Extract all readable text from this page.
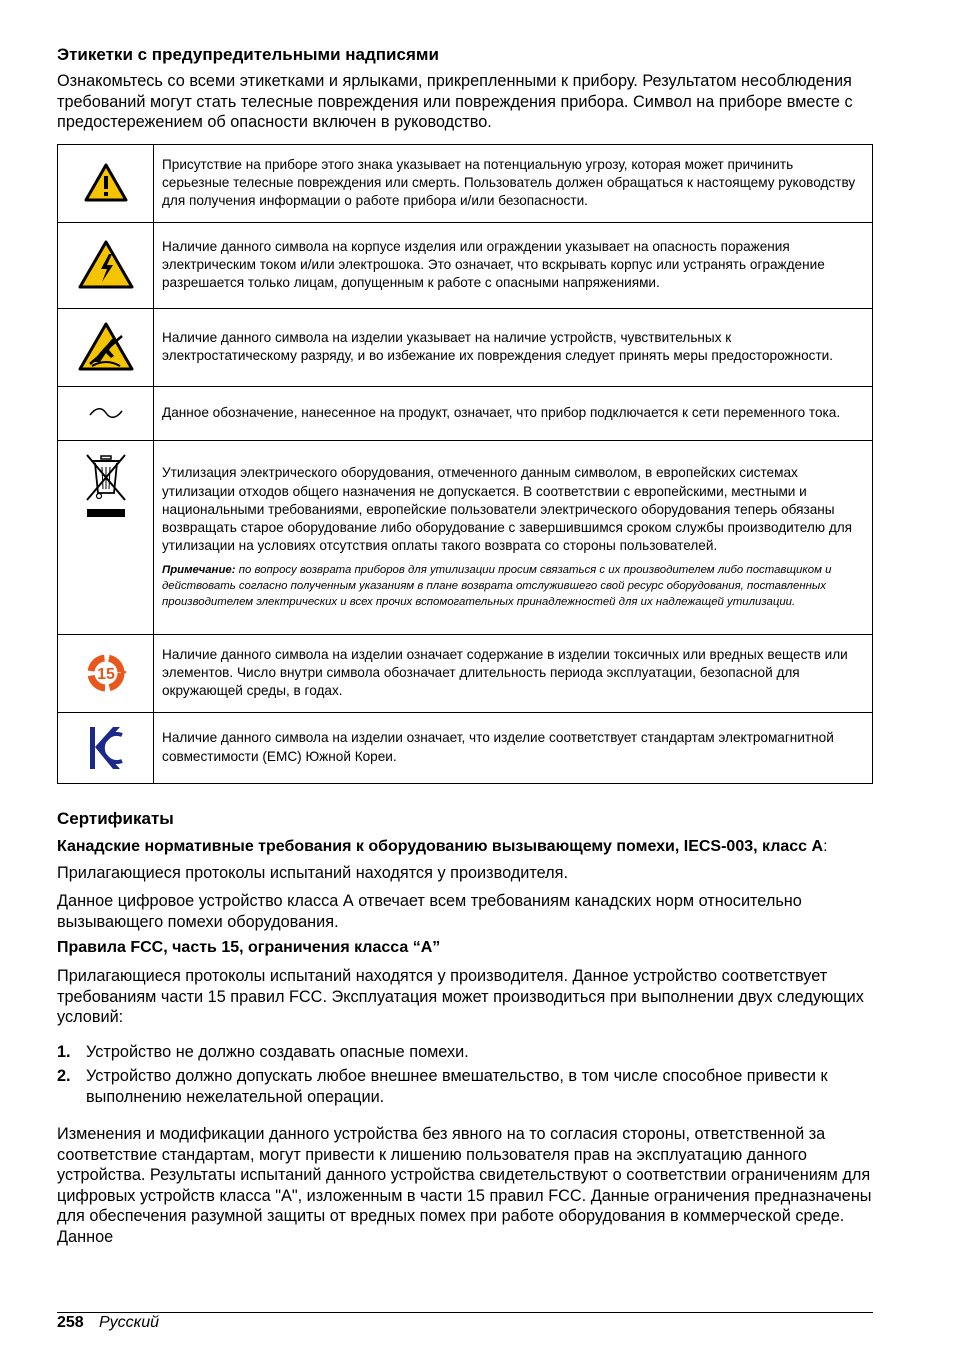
Этикетки с предупредительными надписями

Ознакомьтесь со всеми этикетками и ярлыками, прикрепленными к прибору. Результатом несоблюдения требований могут стать телесные повреждения или повреждения прибора. Символ на приборе вместе с предостережением об опасности включен в руководство.

	Присутствие на приборе этого знака указывает на потенциальную угрозу, которая может причинить серьезные телесные повреждения или смерть. Пользователь должен обращаться к настоящему руководству для получения информации о работе прибора и/или безопасности.

	Наличие данного символа на корпусе изделия или ограждении указывает на опасность поражения электрическим током и/или электрошока. Это означает, что вскрывать корпус или устранять ограждение разрешается только лицам, допущенным к работе с опасными напряжениями.

	Наличие данного символа на изделии указывает на наличие устройств, чувствительных к электростатическому разряду, и во избежание их повреждения следует принять меры предосторожности.

	Данное обозначение, нанесенное на продукт, означает, что прибор подключается к сети переменного тока.

Утилизация электрического оборудования, отмеченного данным символом, в европейских системах утилизации отходов общего назначения не допускается. В соответствии с европейскими, местными и национальными требованиями, европейские пользователи электрического оборудования теперь обязаны возвращать старое оборудование либо оборудование с завершившимся сроком службы производителю для утилизации на условиях отсутствия оплаты такого возврата со стороны пользователей.
Примечание: по вопросу возврата приборов для утилизации просим связаться с их производителем либо поставщиком и действовать согласно полученным указаниям в плане возврата отслужившего свой ресурс оборудования, поставленных производителем электрических и всех прочих вспомогательных принадлежностей для их надлежащей утилизации.

15	Наличие данного символа на изделии означает содержание в изделии токсичных или вредных веществ или элементов. Число внутри символа обозначает длительность периода эксплуатации, безопасной для окружающей среды, в годах.

	Наличие данного символа на изделии означает, что изделие соответствует стандартам электромагнитной совместимости (EMC) Южной Кореи.
Сертификаты
Канадские нормативные требования к оборудованию вызывающему помехи, IECS-003, класс А:

Прилагающиеся протоколы испытаний находятся у производителя.

Данное цифровое устройство класса А отвечает всем требованиям канадских норм относительно вызывающего помехи оборудования.

Правила FCC, часть 15, ограничения класса “А”

Прилагающиеся протоколы испытаний находятся у производителя. Данное устройство соответствует требованиям части 15 правил FCC. Эксплуатация может производиться при выполнении двух следующих условий:

1. Устройство не должно создавать опасные помехи.
2. Устройство должно допускать любое внешнее вмешательство, в том числе способное привести к выполнению нежелательной операции.

Изменения и модификации данного устройства без явного на то согласия стороны, ответственной за соответствие стандартам, могут привести к лишению пользователя прав на эксплуатацию данного устройства. Результаты испытаний данного устройства свидетельствуют о соответствии ограничениям для цифровых устройств класса "А", изложенным в части 15 правил FCC. Данные ограничения предназначены для обеспечения разумной защиты от вредных помех при работе оборудования в коммерческой среде. Данное

258 Русский
